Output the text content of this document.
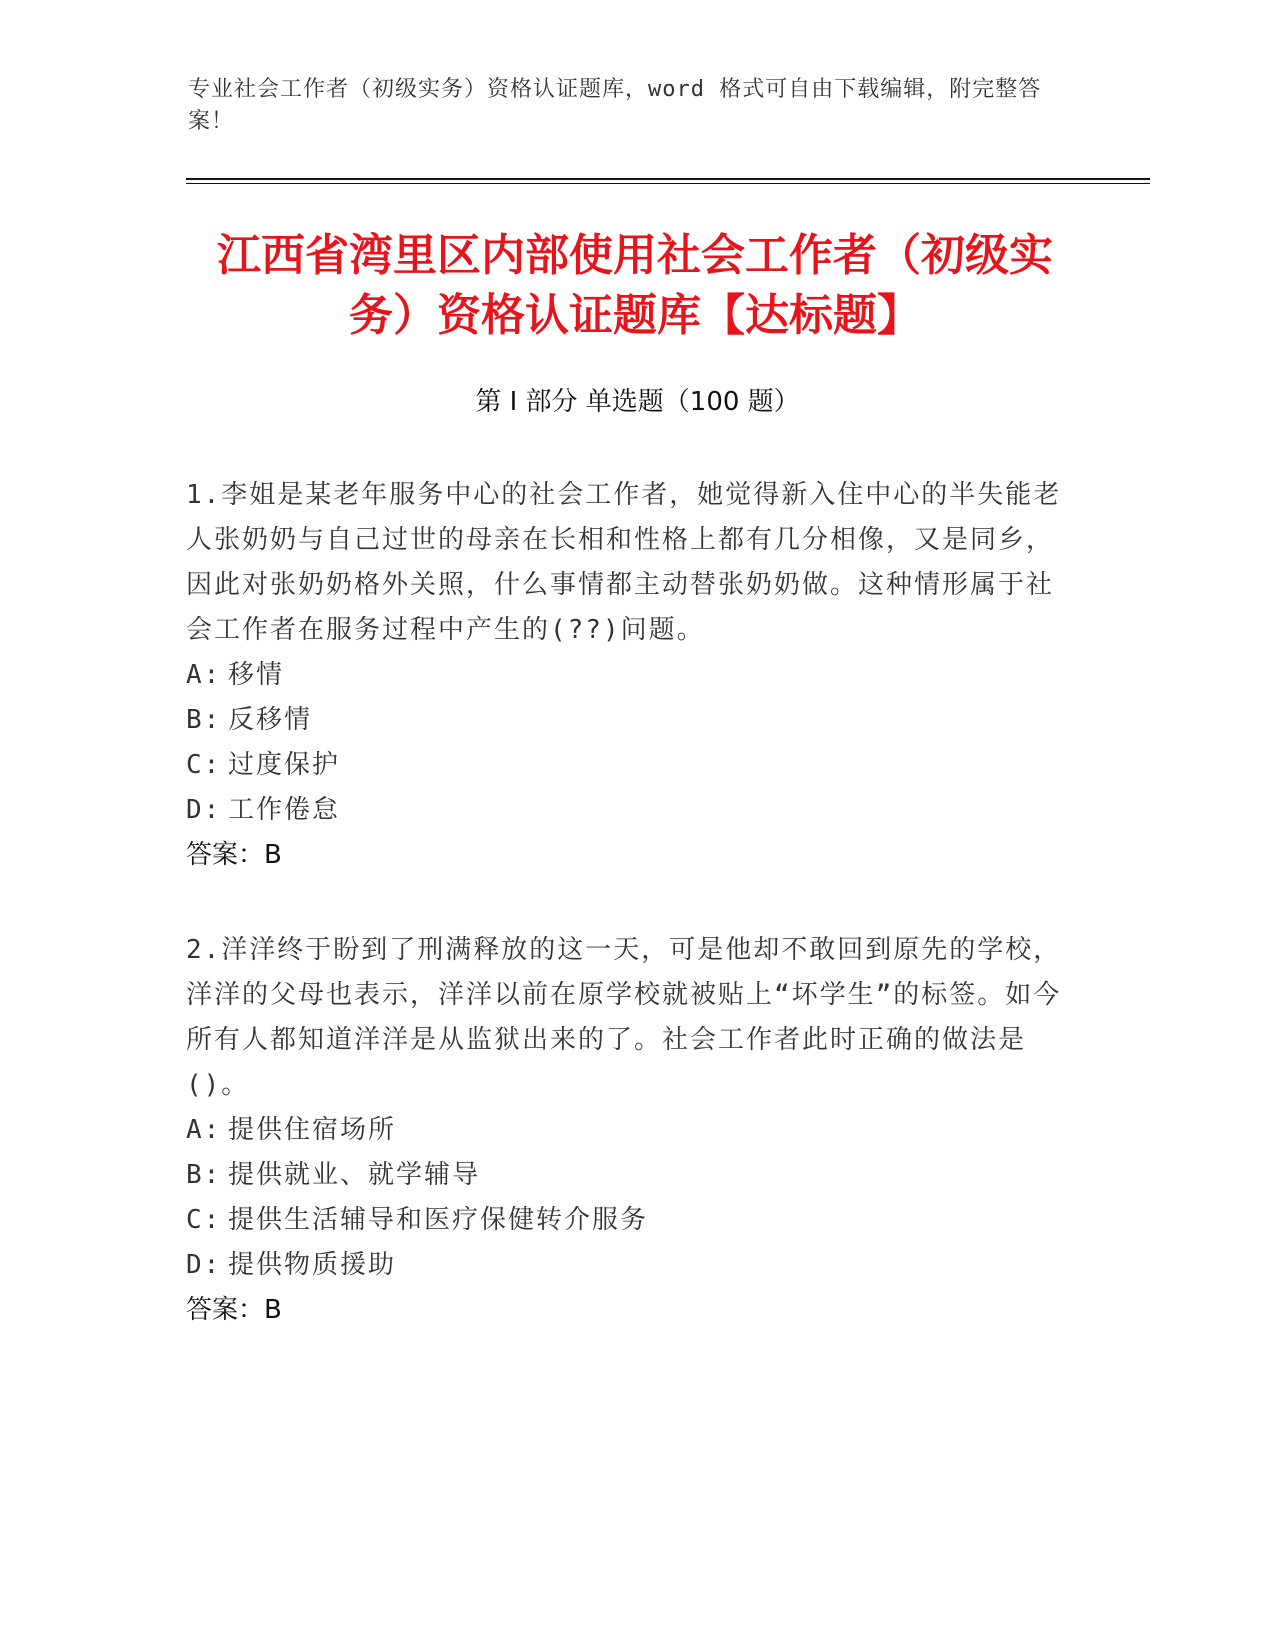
专业社会工作者（初级实务）资格认证题库，word 格式可自由下载编辑，附完整答案！
江西省湾里区内部使用社会工作者（初级实
务）资格认证题库【达标题】
第 I 部分 单选题（100 题）

1.李姐是某老年服务中心的社会工作者，她觉得新入住中心的半失能老人张奶奶与自己过世的母亲在长相和性格上都有几分相像，又是同乡，因此对张奶奶格外关照，什么事情都主动替张奶奶做。这种情形属于社会工作者在服务过程中产生的(??)问题。

A: 移情

B: 反移情

C: 过度保护

D: 工作倦怠

答案：B

2.洋洋终于盼到了刑满释放的这一天，可是他却不敢回到原先的学校，洋洋的父母也表示，洋洋以前在原学校就被贴上“坏学生”的标签。如今所有人都知道洋洋是从监狱出来的了。社会工作者此时正确的做法是()。

A: 提供住宿场所

B: 提供就业、就学辅导

C: 提供生活辅导和医疗保健转介服务

D: 提供物质援助

答案：B
